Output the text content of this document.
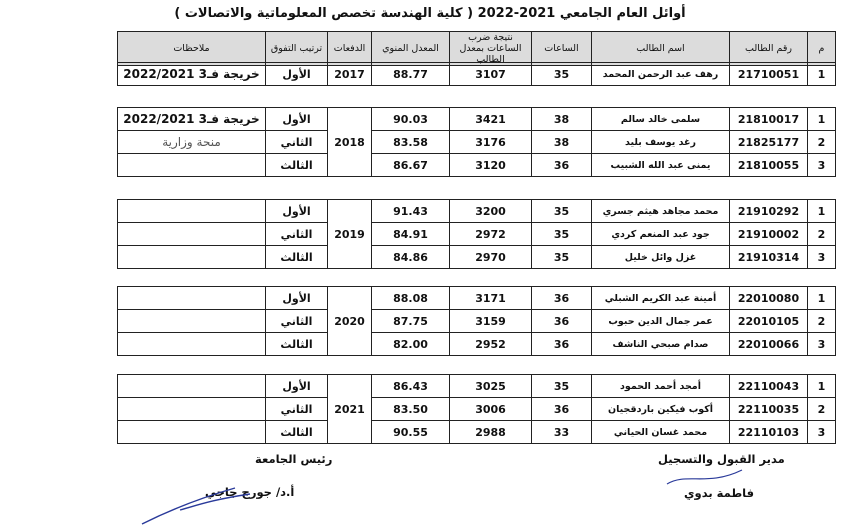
أوائل العام الجامعي 2021-2022 ( كلية الهندسة تخصص المعلوماتية والاتصالات )
م	رقم الطالب	اسم الطالب	الساعات	نتيجة ضرب الساعات بمعدل الطالب	المعدل المنوي	الدفعات	ترتيب التفوق	ملاحظات
1	21710051	رهف عبد الرحمن المحمد	35	3107	88.77	2017	الأول	خريجة فـ3 2022/2021
1	21810017	سلمى خالد سالم	38	3421	90.03	2018	الأول	خريجة فـ3 2022/2021
2	21825177	رغد يوسف بليد	38	3176	83.58		الثاني	منحة وزارية
3	21810055	يمنى عبد الله الشبيب	36	3120	86.67		الثالث	
1	21910292	محمد مجاهد هيثم جسري	35	3200	91.43	2019	الأول	
2	21910002	جود عبد المنعم كردي	35	2972	84.91		الثاني	
3	21910314	غزل وائل خليل	35	2970	84.86		الثالث	
1	22010080	أمينة عبد الكريم الشبلي	36	3171	88.08	2020	الأول	
2	22010105	عمر جمال الدين حبوب	36	3159	87.75		الثاني	
3	22010066	صدام صبحي الناشف	36	2952	82.00		الثالث	
1	22110043	أمجد أحمد الحمود	35	3025	86.43	2021	الأول	
2	22110035	أكوب فيكين باردقجيان	36	3006	83.50		الثاني	
3	22110103	محمد غسان الحياني	33	2988	90.55		الثالث	
رئيس الجامعة
أ.د/ جورج جاجي
مدير القبول والتسجيل
فاطمة بدوي
